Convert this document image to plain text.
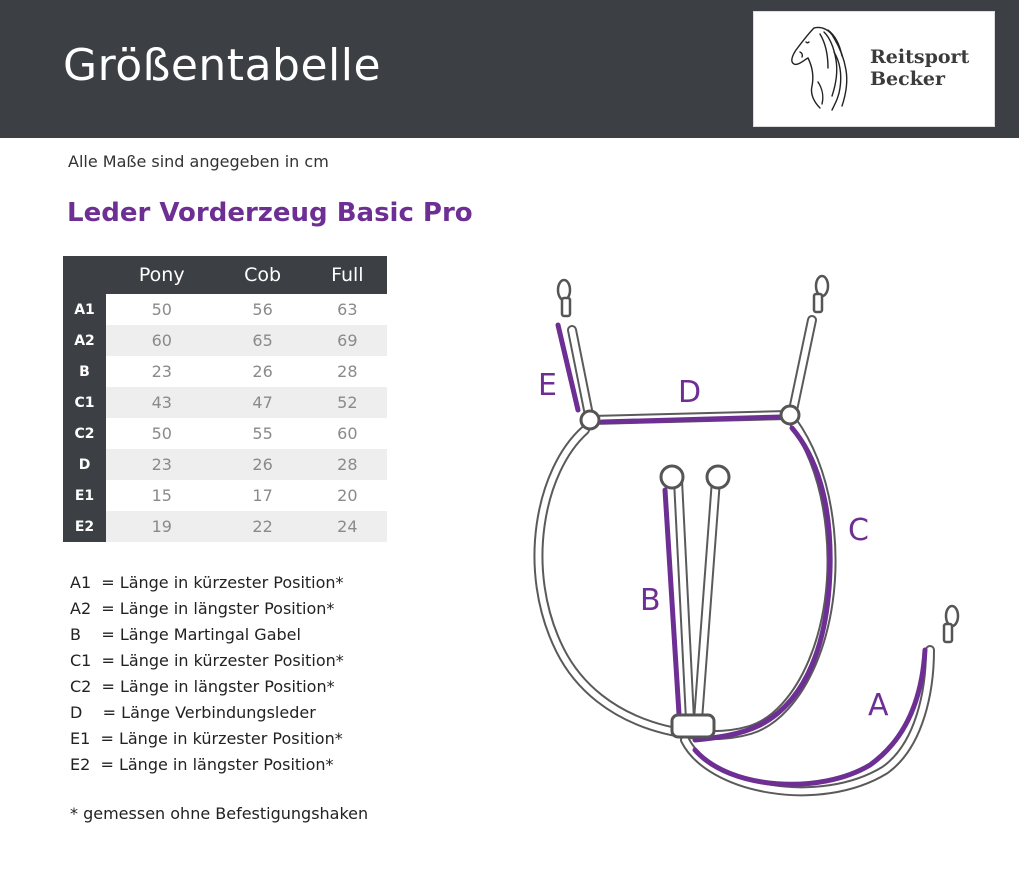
Größentabelle	Reitsport
Becker
Alle Maße sind angegeben in cm
Leder Vorderzeug Basic Pro
	Pony	Cob	Full
A1	50	56	63
A2	60	65	69
B	23	26	28
C1	43	47	52
C2	50	55	60
D	23	26	28
E1	15	17	20
E2	19	22	24
A1  = Länge in kürzester Position*
A2  = Länge in längster Position*
B    = Länge Martingal Gabel
C1  = Länge in kürzester Position*
C2  = Länge in längster Position*
D    = Länge Verbindungsleder
E1  = Länge in kürzester Position*
E2  = Länge in längster Position*
* gemessen ohne Befestigungshaken
E	D
C
B
A
